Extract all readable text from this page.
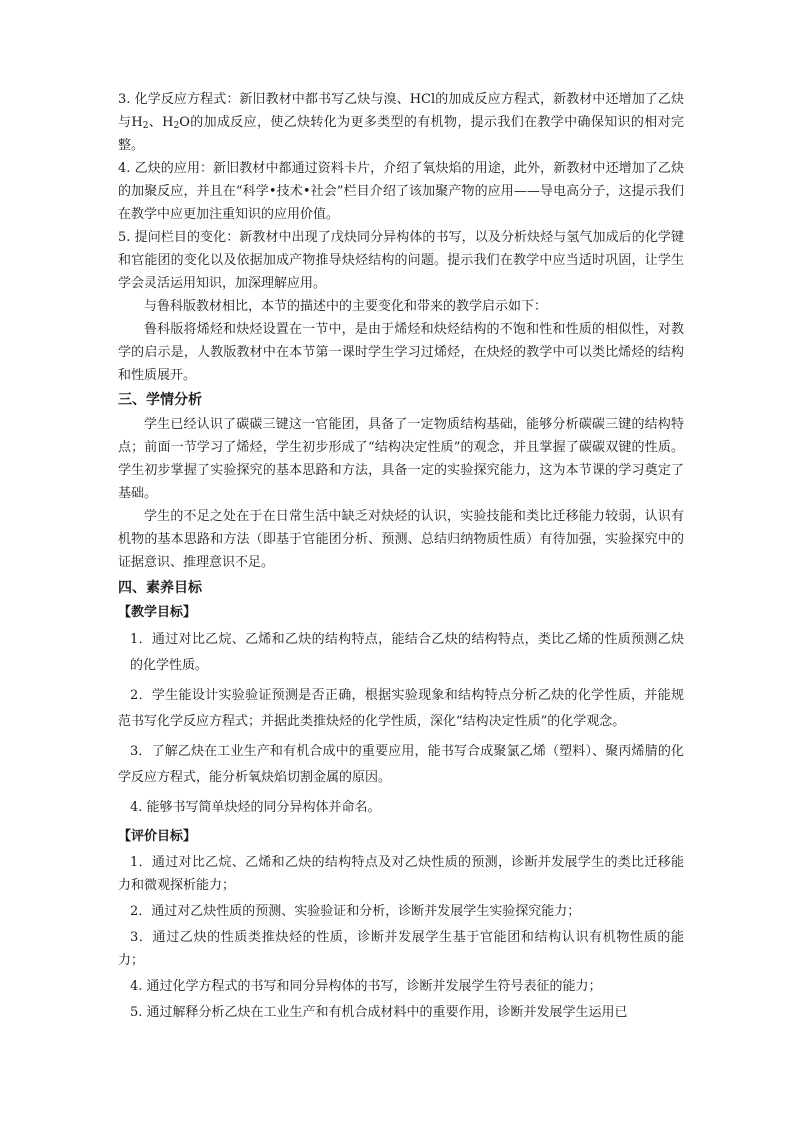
3. 化学反应方程式：新旧教材中都书写乙炔与溴、HCl的加成反应方程式，新教材中还增加了乙炔与$H_2$、$H_2O$的加成反应，使乙炔转化为更多类型的有机物，提示我们在教学中确保知识的相对完整。

4. 乙炔的应用：新旧教材中都通过资料卡片，介绍了氧炔焰的用途，此外，新教材中还增加了乙炔的加聚反应，并且在“科学•技术•社会”栏目介绍了该加聚产物的应用——导电高分子，这提示我们在教学中应更加注重知识的应用价值。

5. 提问栏目的变化：新教材中出现了戊炔同分异构体的书写，以及分析炔烃与氢气加成后的化学键和官能团的变化以及依据加成产物推导炔烃结构的问题。提示我们在教学中应当适时巩固，让学生学会灵活运用知识，加深理解应用。

与鲁科版教材相比，本节的描述中的主要变化和带来的教学启示如下：

鲁科版将烯烃和炔烃设置在一节中，是由于烯烃和炔烃结构的不饱和性和性质的相似性，对教学的启示是，人教版教材中在本节第一课时学生学习过烯烃，在炔烃的教学中可以类比烯烃的结构和性质展开。

三、学情分析

学生已经认识了碳碳三键这一官能团，具备了一定物质结构基础，能够分析碳碳三键的结构特点；前面一节学习了烯烃，学生初步形成了“结构决定性质”的观念，并且掌握了碳碳双键的性质。学生初步掌握了实验探究的基本思路和方法，具备一定的实验探究能力，这为本节课的学习奠定了基础。

学生的不足之处在于在日常生活中缺乏对炔烃的认识，实验技能和类比迁移能力较弱，认识有机物的基本思路和方法（即基于官能团分析、预测、总结归纳物质性质）有待加强，实验探究中的证据意识、推理意识不足。

四、素养目标
【教学目标】
1．通过对比乙烷、乙烯和乙炔的结构特点，能结合乙炔的结构特点，类比乙烯的性质预测乙炔的化学性质。
2．学生能设计实验验证预测是否正确，根据实验现象和结构特点分析乙炔的化学性质，并能规范书写化学反应方程式；并据此类推炔烃的化学性质，深化“结构决定性质”的化学观念。
3．了解乙炔在工业生产和有机合成中的重要应用，能书写合成聚氯乙烯（塑料）、聚丙烯腈的化学反应方程式，能分析氧炔焰切割金属的原因。
4. 能够书写简单炔烃的同分异构体并命名。
【评价目标】
1．通过对比乙烷、乙烯和乙炔的结构特点及对乙炔性质的预测，诊断并发展学生的类比迁移能力和微观探析能力；
2．通过对乙炔性质的预测、实验验证和分析，诊断并发展学生实验探究能力；
3．通过乙炔的性质类推炔烃的性质，诊断并发展学生基于官能团和结构认识有机物性质的能力；
4. 通过化学方程式的书写和同分异构体的书写，诊断并发展学生符号表征的能力；
5. 通过解释分析乙炔在工业生产和有机合成材料中的重要作用，诊断并发展学生运用已
